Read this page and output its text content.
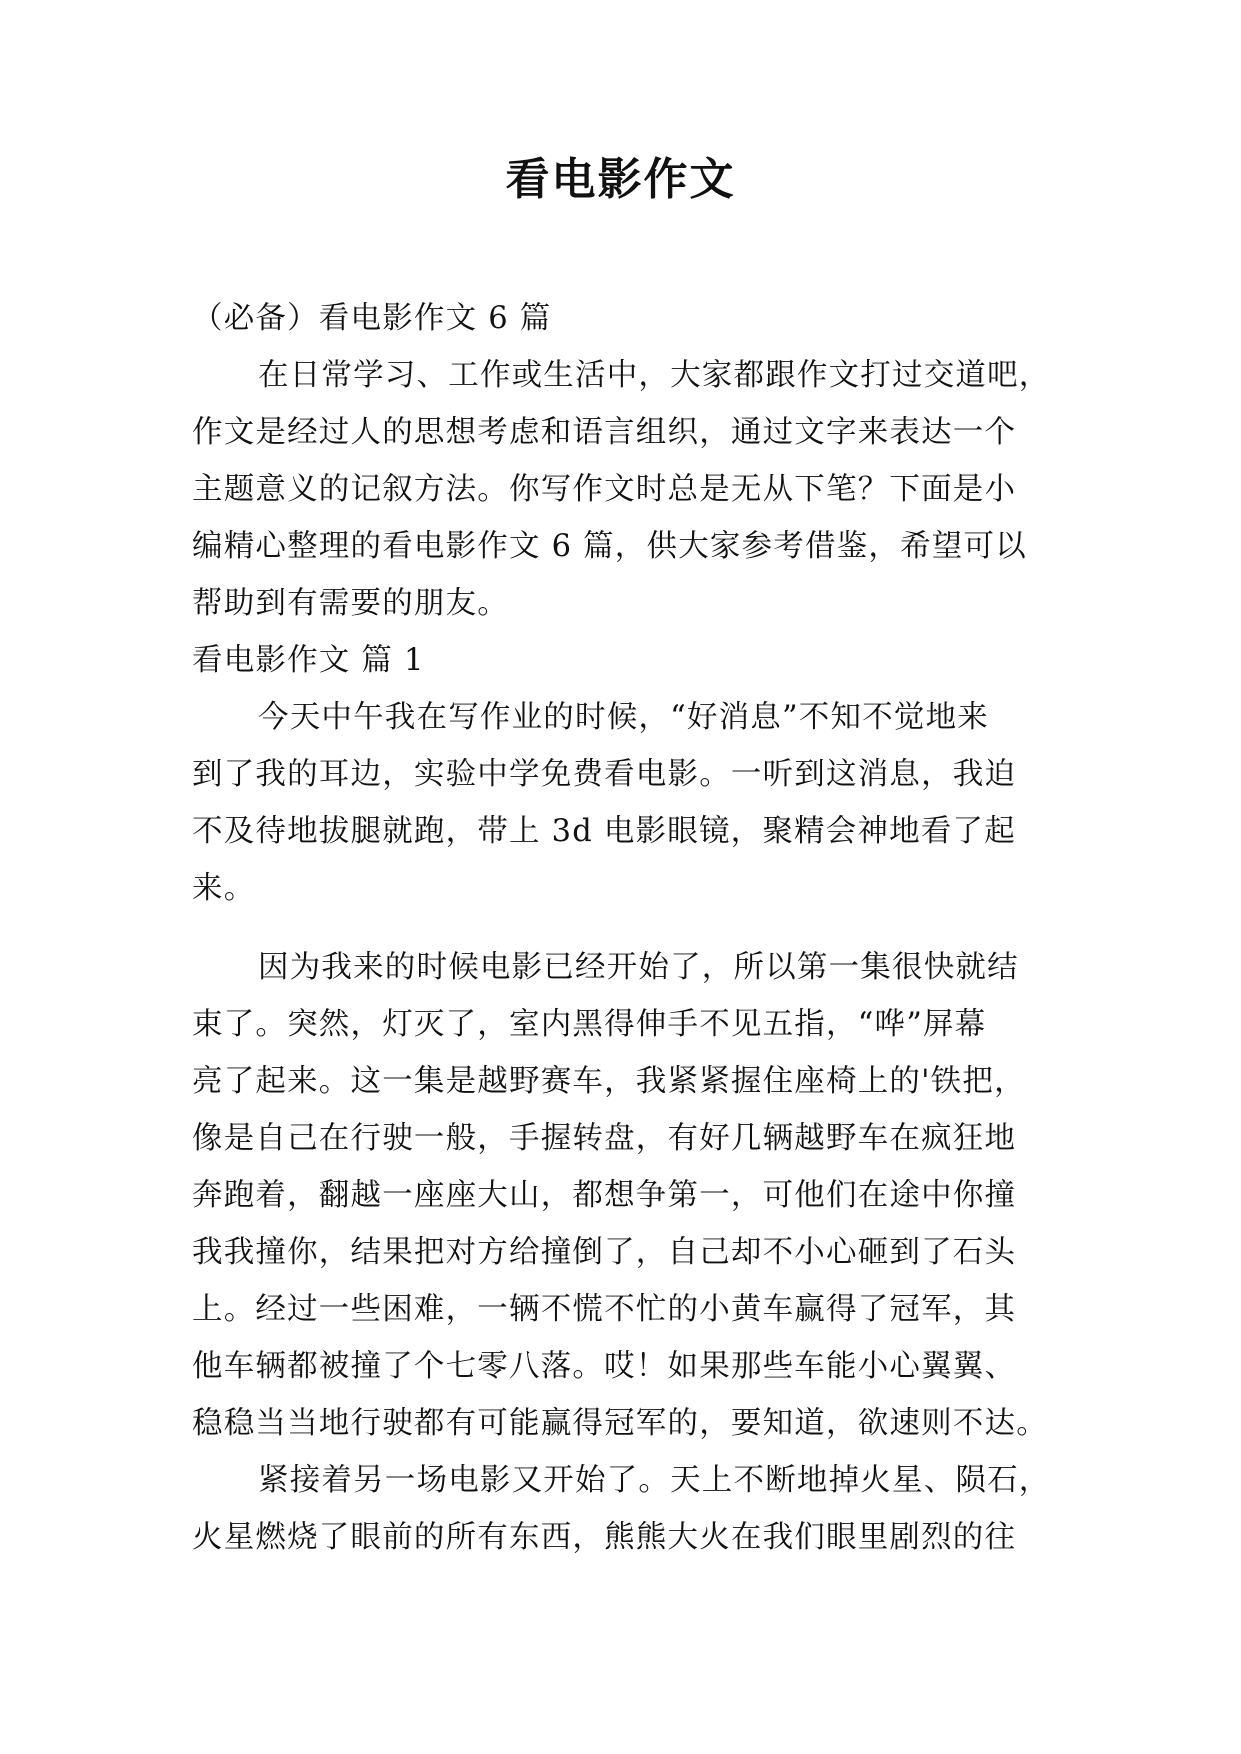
看电影作文
（必备）看电影作文 6 篇
在日常学习、工作或生活中，大家都跟作文打过交道吧，
作文是经过人的思想考虑和语言组织，通过文字来表达一个
主题意义的记叙方法。你写作文时总是无从下笔？下面是小
编精心整理的看电影作文 6 篇，供大家参考借鉴，希望可以
帮助到有需要的朋友。
看电影作文 篇 1
今天中午我在写作业的时候，“好消息”不知不觉地来
到了我的耳边，实验中学免费看电影。一听到这消息，我迫
不及待地拔腿就跑，带上 3d 电影眼镜，聚精会神地看了起
来。
因为我来的时候电影已经开始了，所以第一集很快就结
束了。突然，灯灭了，室内黑得伸手不见五指，“哗”屏幕
亮了起来。这一集是越野赛车，我紧紧握住座椅上的'铁把，
像是自己在行驶一般，手握转盘，有好几辆越野车在疯狂地
奔跑着，翻越一座座大山，都想争第一，可他们在途中你撞
我我撞你，结果把对方给撞倒了，自己却不小心砸到了石头
上。经过一些困难，一辆不慌不忙的小黄车赢得了冠军，其
他车辆都被撞了个七零八落。哎！如果那些车能小心翼翼、
稳稳当当地行驶都有可能赢得冠军的，要知道，欲速则不达。
紧接着另一场电影又开始了。天上不断地掉火星、陨石，
火星燃烧了眼前的所有东西，熊熊大火在我们眼里剧烈的往
